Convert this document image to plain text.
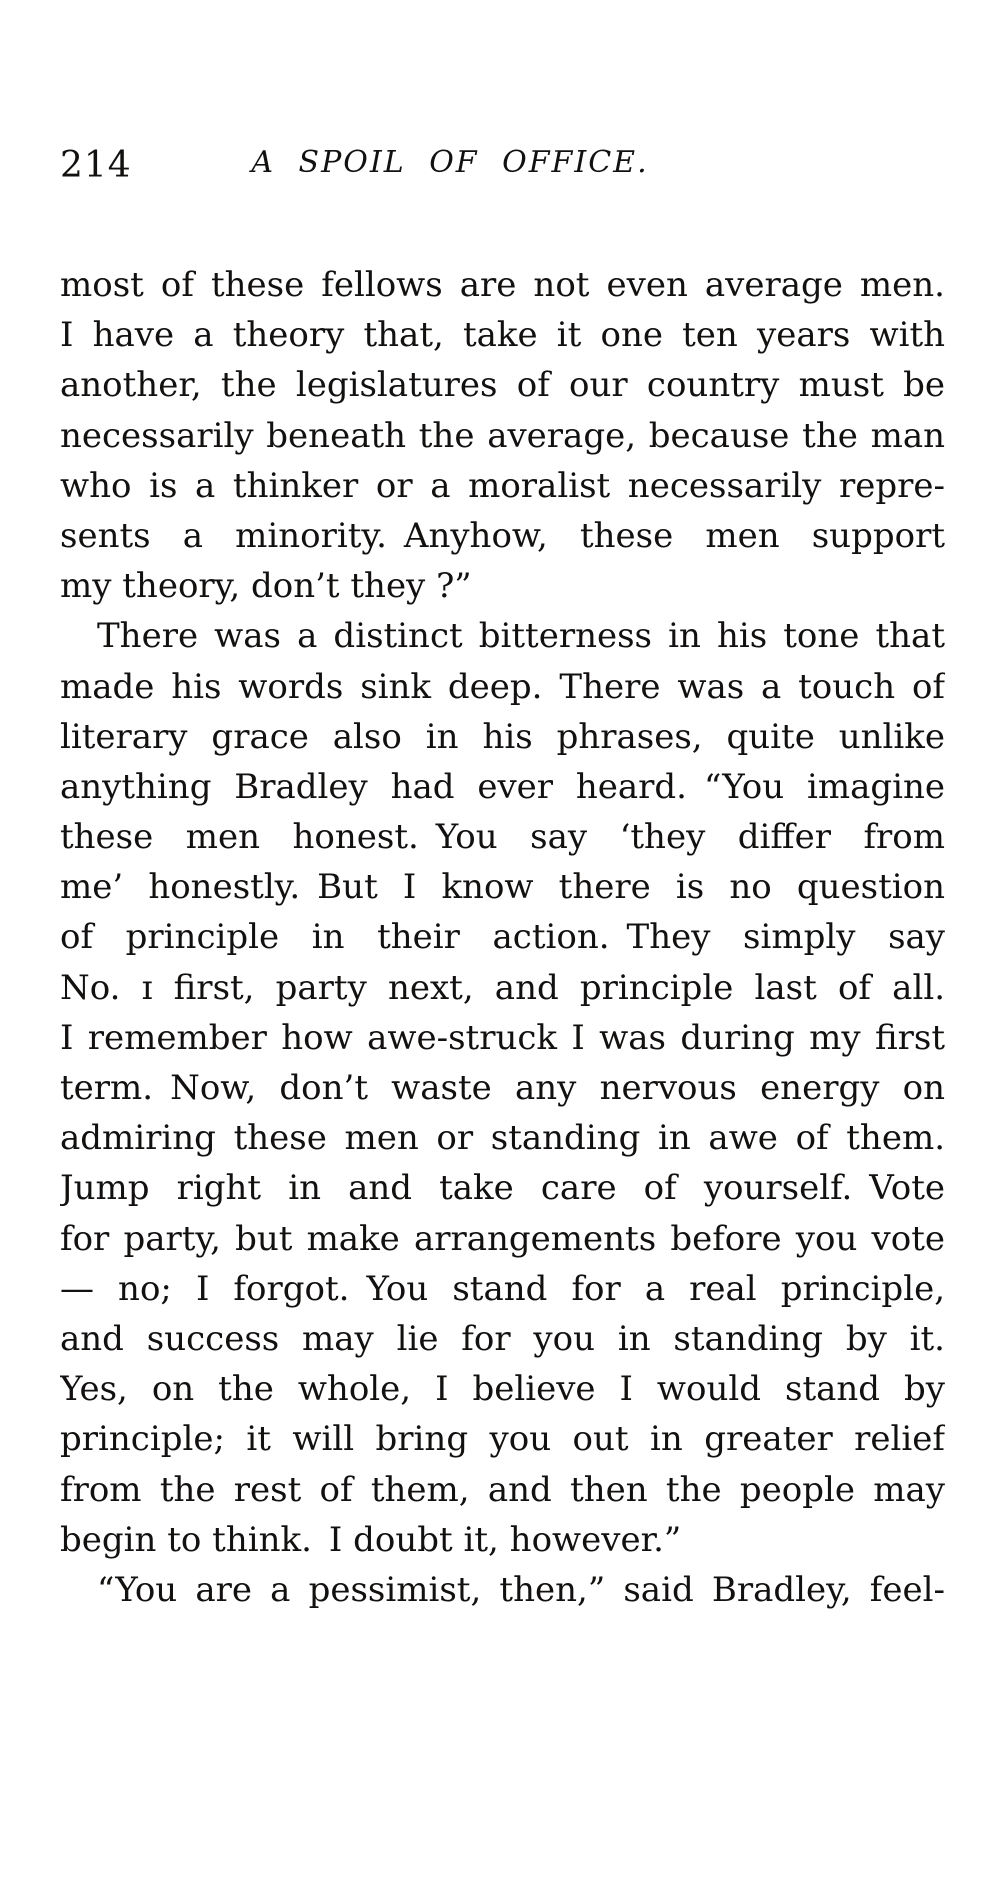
214	A SPOIL OF OFFICE.
most of these fellows are not even average men.
I have a theory that, take it one ten years with
another, the legislatures of our country must be
necessarily beneath the average, because the man
who is a thinker or a moralist necessarily repre-
sents a minority. Anyhow, these men support
my theory, don’t they ?”
There was a distinct bitterness in his tone that
made his words sink deep. There was a touch of
literary grace also in his phrases, quite unlike
anything Bradley had ever heard. “You imagine
these men honest. You say ‘they differ from
me’ honestly. But I know there is no question
of principle in their action. They simply say
No. ɪ first, party next, and principle last of all.
I remember how awe-struck I was during my first
term. Now, don’t waste any nervous energy on
admiring these men or standing in awe of them.
Jump right in and take care of yourself. Vote
for party, but make arrangements before you vote
— no; I forgot. You stand for a real principle,
and success may lie for you in standing by it.
Yes, on the whole, I believe I would stand by
principle; it will bring you out in greater relief
from the rest of them, and then the people may
begin to think. I doubt it, however.”
“You are a pessimist, then,” said Bradley, feel-
